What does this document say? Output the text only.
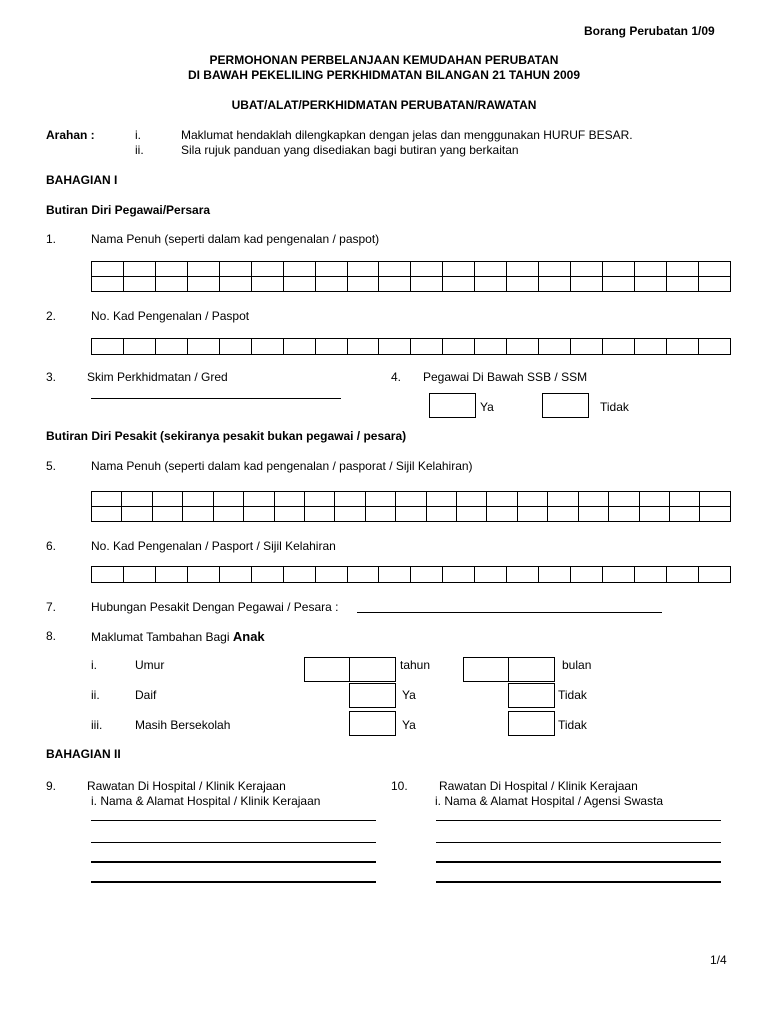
Borang Perubatan 1/09
PERMOHONAN PERBELANJAAN KEMUDAHAN PERUBATAN
DI BAWAH PEKELILING PERKHIDMATAN BILANGAN 21 TAHUN 2009
UBAT/ALAT/PERKHIDMATAN PERUBATAN/RAWATAN
Arahan :	i.	Maklumat hendaklah dilengkapkan dengan jelas dan menggunakan HURUF BESAR.
ii.	Sila rujuk panduan yang disediakan bagi butiran yang berkaitan
BAHAGIAN I
Butiran Diri Pegawai/Persara
1.	Nama Penuh (seperti dalam kad pengenalan / paspot)

2.	No. Kad Pengenalan / Paspot

3.	Skim Perkhidmatan / Gred	4. Pegawai Di Bawah SSB / SSM
Ya	Tidak
Butiran Diri Pesakit (sekiranya pesakit bukan pegawai / pesara)
5.	Nama Penuh (seperti dalam kad pengenalan / pasporat / Sijil Kelahiran)

6.	No. Kad Pengenalan / Pasport / Sijil Kelahiran

7.	Hubungan Pesakit Dengan Pegawai / Pesara :
8.	Maklumat Tambahan Bagi Anak
i.	Umur	tahun	bulan
ii.	Daif	Ya	Tidak
iii.	Masih Bersekolah	Ya	Tidak
BAHAGIAN II
9.	Rawatan Di Hospital / Klinik Kerajaan
i. Nama & Alamat Hospital / Klinik Kerajaan
10.	Rawatan Di Hospital / Klinik Kerajaan
i. Nama & Alamat Hospital / Agensi Swasta
1/4
